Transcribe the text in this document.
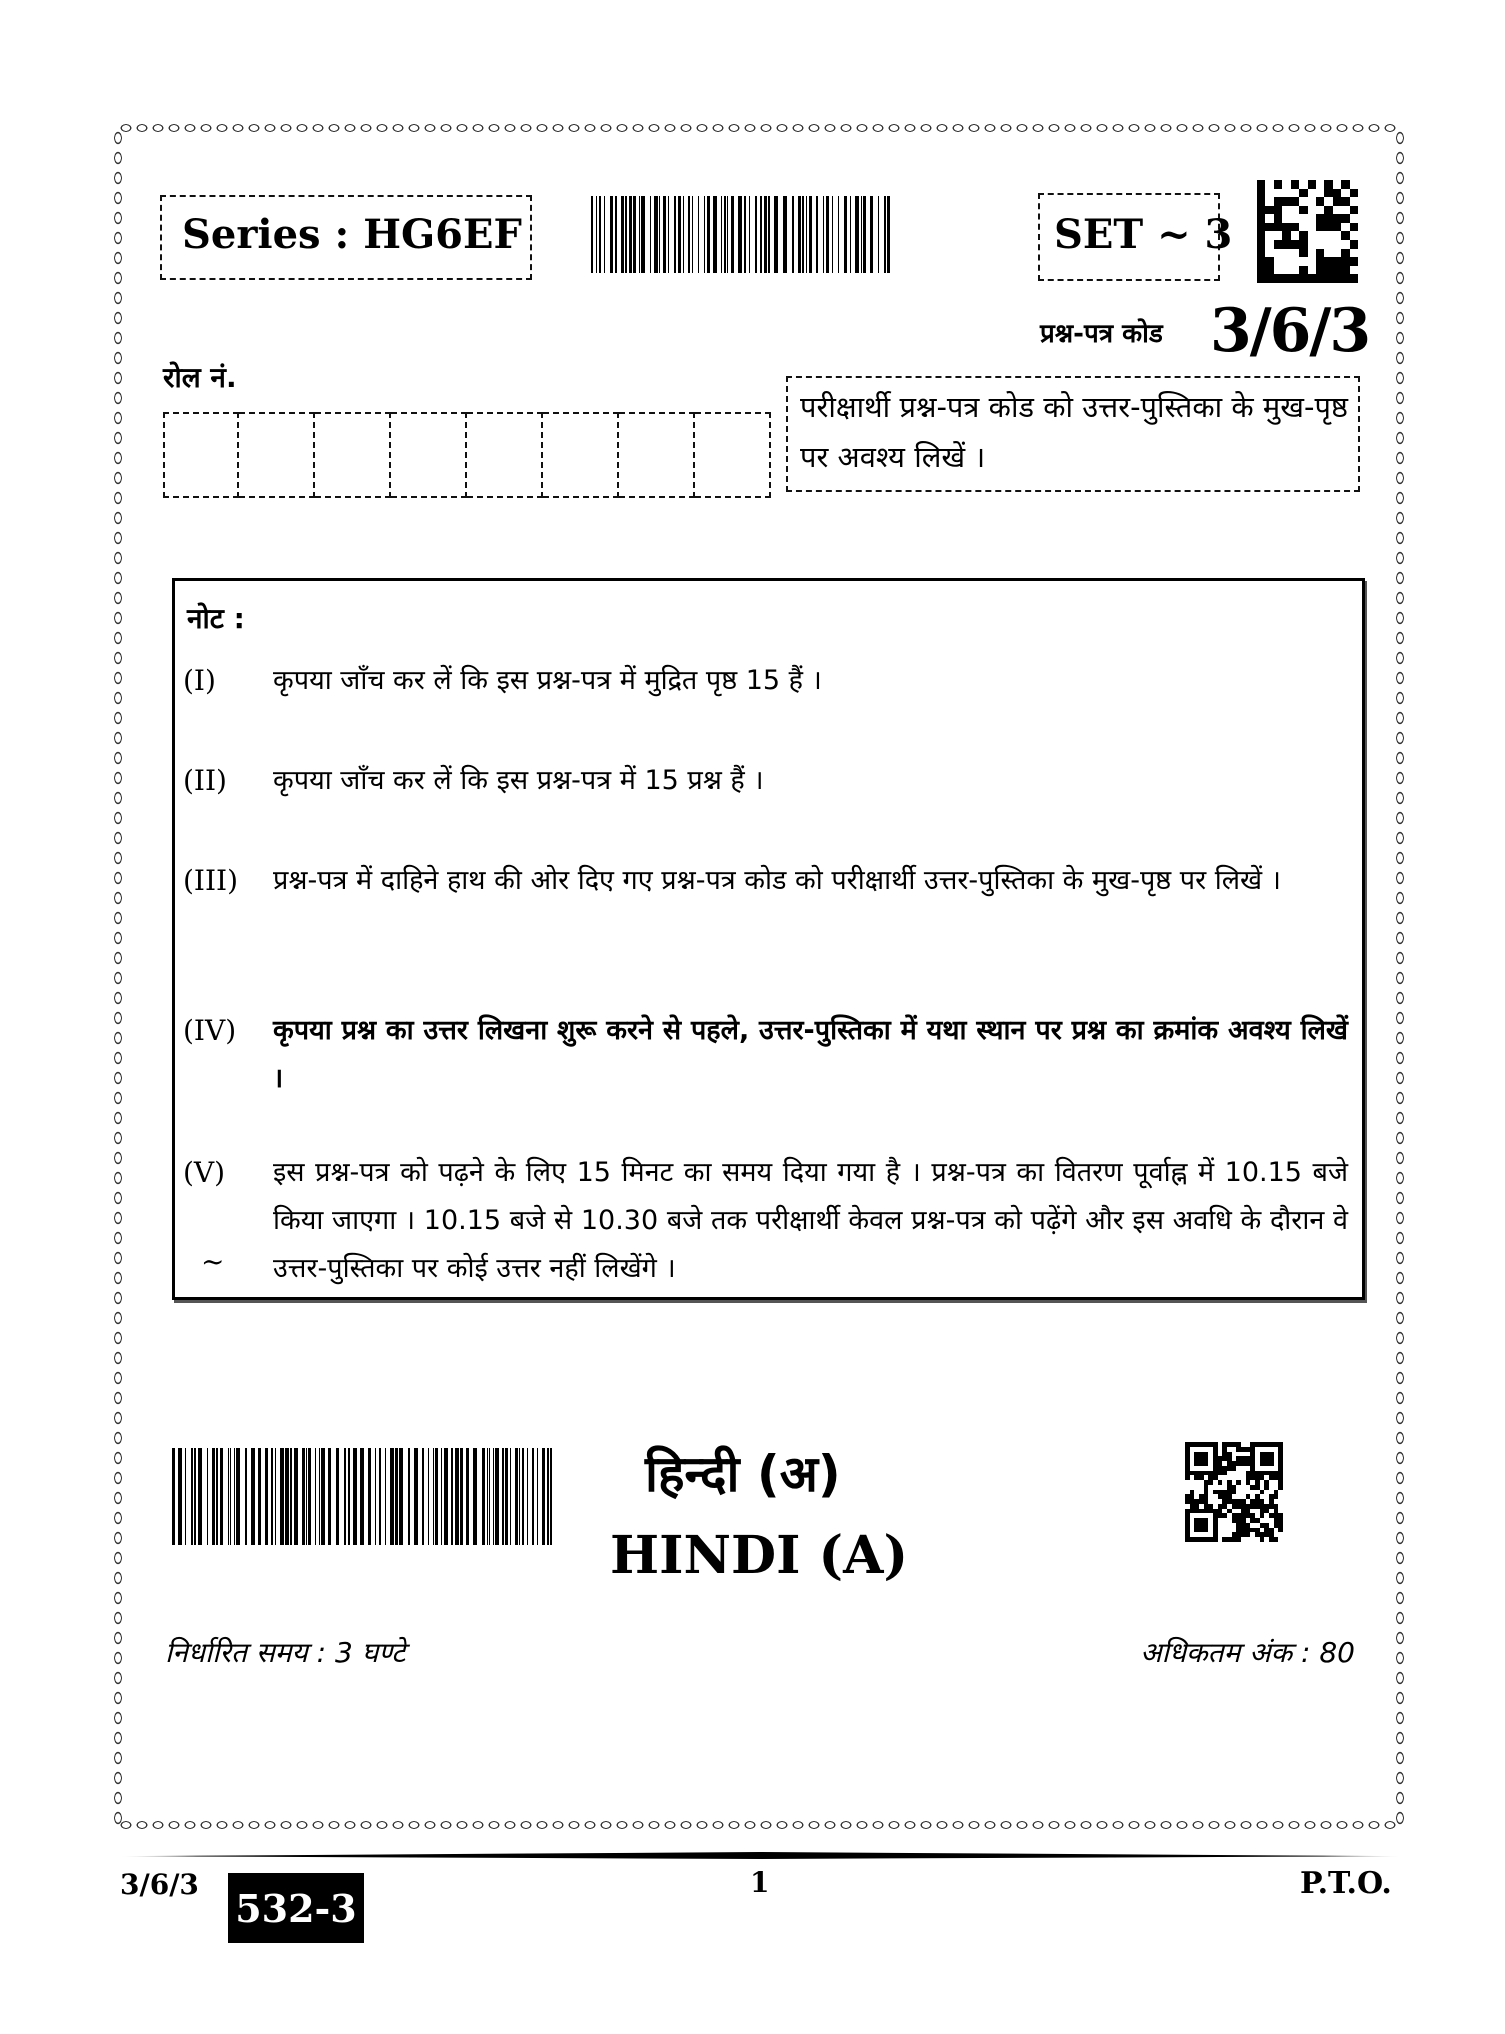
Series : HG6EF	SET ~ 3
प्रश्न-पत्र कोड 3/6/3
रोल नं.
परीक्षार्थी प्रश्न-पत्र कोड को उत्तर-पुस्तिका के मुख-पृष्ठ पर अवश्य लिखें ।
नोट :
(I)	कृपया जाँच कर लें कि इस प्रश्न-पत्र में मुद्रित पृष्ठ 15 हैं ।
(II)	कृपया जाँच कर लें कि इस प्रश्न-पत्र में 15 प्रश्न हैं ।
(III)	प्रश्न-पत्र में दाहिने हाथ की ओर दिए गए प्रश्न-पत्र कोड को परीक्षार्थी उत्तर-पुस्तिका के मुख-पृष्ठ पर लिखें ।
(IV)	कृपया प्रश्न का उत्तर लिखना शुरू करने से पहले, उत्तर-पुस्तिका में यथा स्थान पर प्रश्न का क्रमांक अवश्य लिखें ।
(V)	इस प्रश्न-पत्र को पढ़ने के लिए 15 मिनट का समय दिया गया है । प्रश्न-पत्र का वितरण पूर्वाह्न में 10.15 बजे किया जाएगा । 10.15 बजे से 10.30 बजे तक परीक्षार्थी केवल प्रश्न-पत्र को पढ़ेंगे और इस अवधि के दौरान वे उत्तर-पुस्तिका पर कोई उत्तर नहीं लिखेंगे ।
~
हिन्दी (अ)
HINDI (A)
निर्धारित समय : 3 घण्टे	अधिकतम अंक : 80
3/6/3
532-3
1	P.T.O.
